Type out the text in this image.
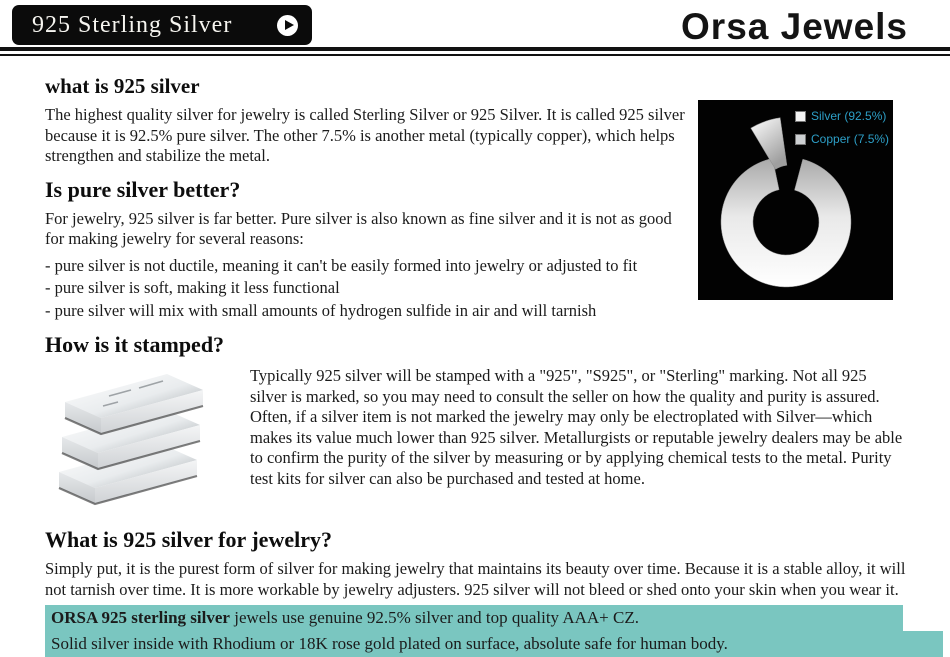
925 Sterling Silver	Orsa Jewels
Silver (92.5%)
Copper (7.5%)
what is 925 silver

The highest quality silver for jewelry is called Sterling Silver or 925 Silver. It is called 925 silver because it is 92.5% pure silver. The other 7.5% is another metal (typically copper), which helps strengthen and stabilize the metal.

Is pure silver better?

For jewelry, 925 silver is far better. Pure silver is also known as fine silver and it is not as good for making jewelry for several reasons:

- pure silver is not ductile, meaning it can't be easily formed into jewelry or adjusted to fit
- pure silver is soft, making it less functional
- pure silver will mix with small amounts of hydrogen sulfide in air and will tarnish
How is it stamped?

Typically 925 silver will be stamped with a "925", "S925", or "Sterling" marking. Not all 925 silver is marked, so you may need to consult the seller on how the quality and purity is assured. Often, if a silver item is not marked the jewelry may only be electroplated with Silver—which makes its value much lower than 925 silver. Metallurgists or reputable jewelry dealers may be able to confirm the purity of the silver by measuring or by applying chemical tests to the metal. Purity test kits for silver can also be purchased and tested at home.

What is 925 silver for jewelry?

Simply put, it is the purest form of silver for making jewelry that maintains its beauty over time. Because it is a stable alloy, it will not tarnish over time. It is more workable by jewelry adjusters. 925 silver will not bleed or shed onto your skin when you wear it.

ORSA 925 sterling silver jewels use genuine 92.5% silver and top quality AAA+ CZ.
Solid silver inside with Rhodium or 18K rose gold plated on surface, absolute safe for human body.
